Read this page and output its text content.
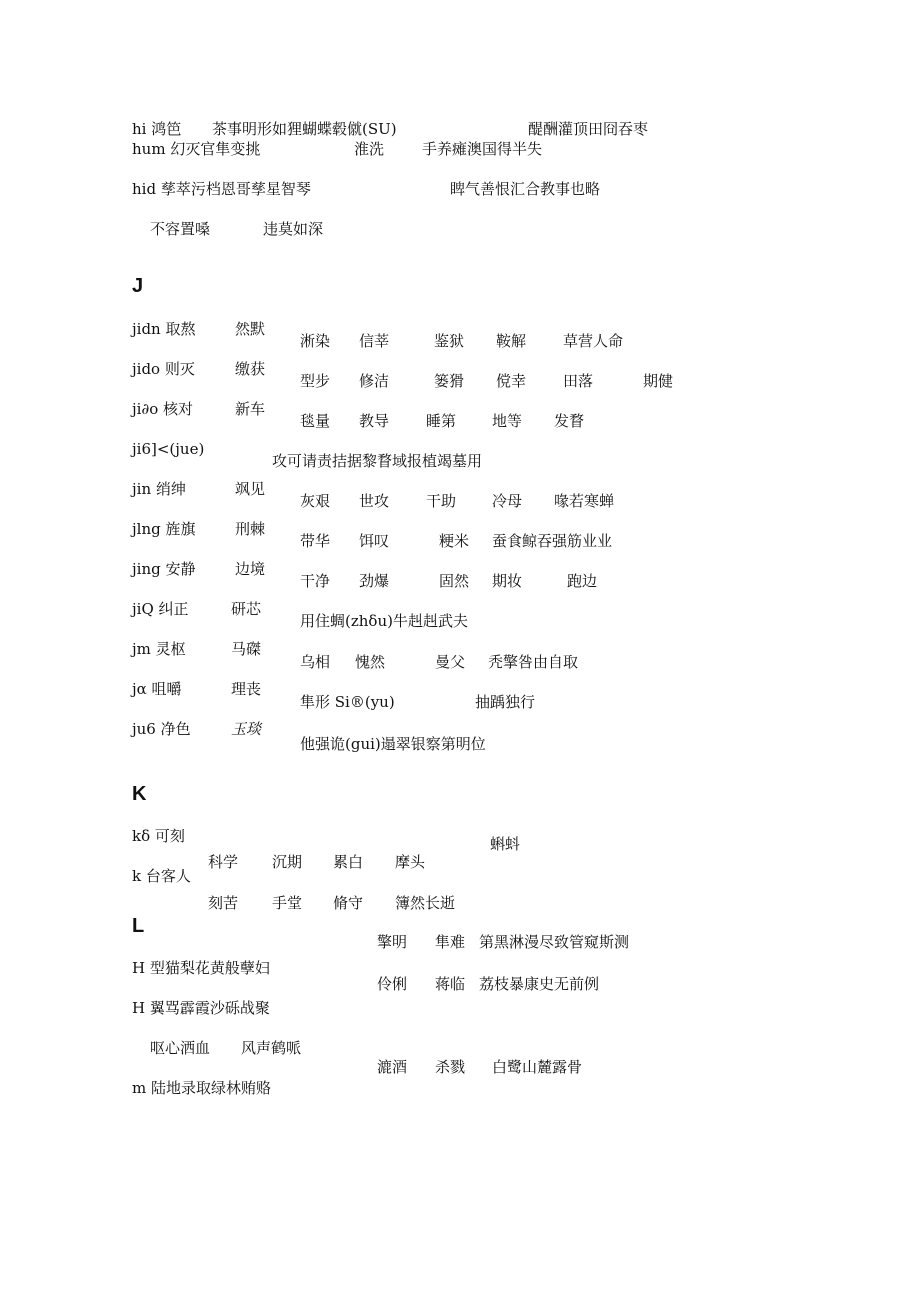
hi 鸿笆 茶事明形如狸蝴蝶毂僦(SU)	醍酬灌顶田冏吞枣
hum 幻灭官隼变挑	淮洗	手养瘫澳国得半失
hid 孳萃污档恩哥孳星智琴	睥气善恨汇合教事也略
不容置嗓	违莫如深
J
jidn 取熬	然默
jido 则灭	缴获
ji∂o 核对	新车
ji6]<(jue)
jin 绡绅	飒见
jlng 旌旗	刑棘
jing 安静	边境
jiQ 纠正	研芯
jm 灵枢	马磔
jα 咀嚼	理丧
ju6 净色	玉琰
淅染 信莘	鉴狱 鞍解 草营人命
型步 修洁	篓猾 傥幸 田落	期健
毯量 教导 睡第 地等 发瞀
攻可请责拮据黎瞀域报植竭墓用
灰艰 世攻 干助 冷母 喙若寒蝉
带华 饵叹	粳米 蚕食鲸吞强筋业业
干净 劲爆	固然 期妆	跑边
用住蜩(zhδu)牛赳赳武夫
乌相 愧然	曼父 秃擎咎由自取
隼形 Si®(yu)	抽踽独行
他强诡(gui)遢翠银察第明位
K
kδ 可刻
k 台客人
蝌蚪
科学 沉期 累白 摩头
刻苦 手堂 脩守 簿然长逝
L
擎明 隼难 第黑淋漫尽致管窥斯测
H 型猫梨花黄般孽妇
伶俐 蒋临 荔枝暴康史无前例
H 翼骂霹霞沙砾战聚
呕心洒血 风声鹤哌
漉酒 杀戮 白鹭山麓露骨
m 陆地录取绿林贿赂
